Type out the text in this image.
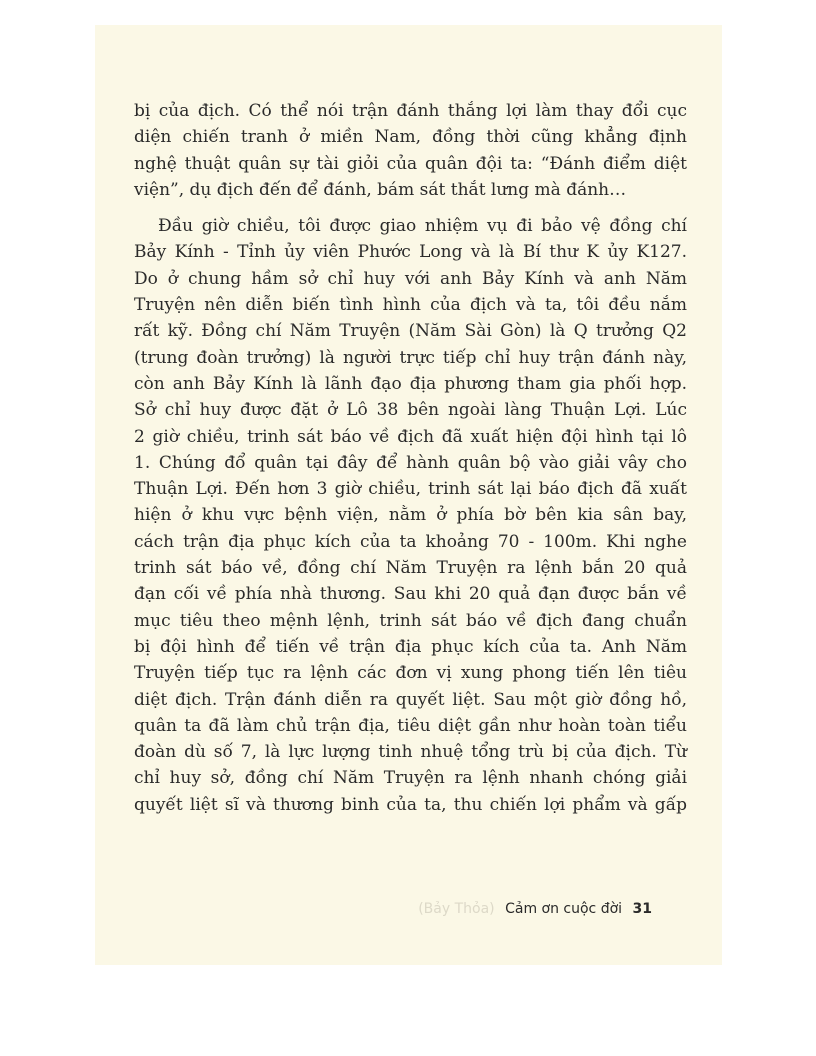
bị của địch. Có thể nói trận đánh thắng lợi làm thay đổi cục
diện chiến tranh ở miền Nam, đồng thời cũng khẳng định
nghệ thuật quân sự tài giỏi của quân đội ta: “Đánh điểm diệt
viện”, dụ địch đến để đánh, bám sát thắt lưng mà đánh…
Đầu giờ chiều, tôi được giao nhiệm vụ đi bảo vệ đồng chí
Bảy Kính - Tỉnh ủy viên Phước Long và là Bí thư K ủy K127.
Do ở chung hầm sở chỉ huy với anh Bảy Kính và anh Năm
Truyện nên diễn biến tình hình của địch và ta, tôi đều nắm
rất kỹ. Đồng chí Năm Truyện (Năm Sài Gòn) là Q trưởng Q2
(trung đoàn trưởng) là người trực tiếp chỉ huy trận đánh này,
còn anh Bảy Kính là lãnh đạo địa phương tham gia phối hợp.
Sở chỉ huy được đặt ở Lô 38 bên ngoài làng Thuận Lợi. Lúc
2 giờ chiều, trinh sát báo về địch đã xuất hiện đội hình tại lô
1. Chúng đổ quân tại đây để hành quân bộ vào giải vây cho
Thuận Lợi. Đến hơn 3 giờ chiều, trinh sát lại báo địch đã xuất
hiện ở khu vực bệnh viện, nằm ở phía bờ bên kia sân bay,
cách trận địa phục kích của ta khoảng 70 - 100m. Khi nghe
trinh sát báo về, đồng chí Năm Truyện ra lệnh bắn 20 quả
đạn cối về phía nhà thương. Sau khi 20 quả đạn được bắn về
mục tiêu theo mệnh lệnh, trinh sát báo về địch đang chuẩn
bị đội hình để tiến về trận địa phục kích của ta. Anh Năm
Truyện tiếp tục ra lệnh các đơn vị xung phong tiến lên tiêu
diệt địch. Trận đánh diễn ra quyết liệt. Sau một giờ đồng hồ,
quân ta đã làm chủ trận địa, tiêu diệt gần như hoàn toàn tiểu
đoàn dù số 7, là lực lượng tinh nhuệ tổng trù bị của địch. Từ
chỉ huy sở, đồng chí Năm Truyện ra lệnh nhanh chóng giải
quyết liệt sĩ và thương binh của ta, thu chiến lợi phẩm và gấp
(Bảy Thỏa) Cảm ơn cuộc đời 31
